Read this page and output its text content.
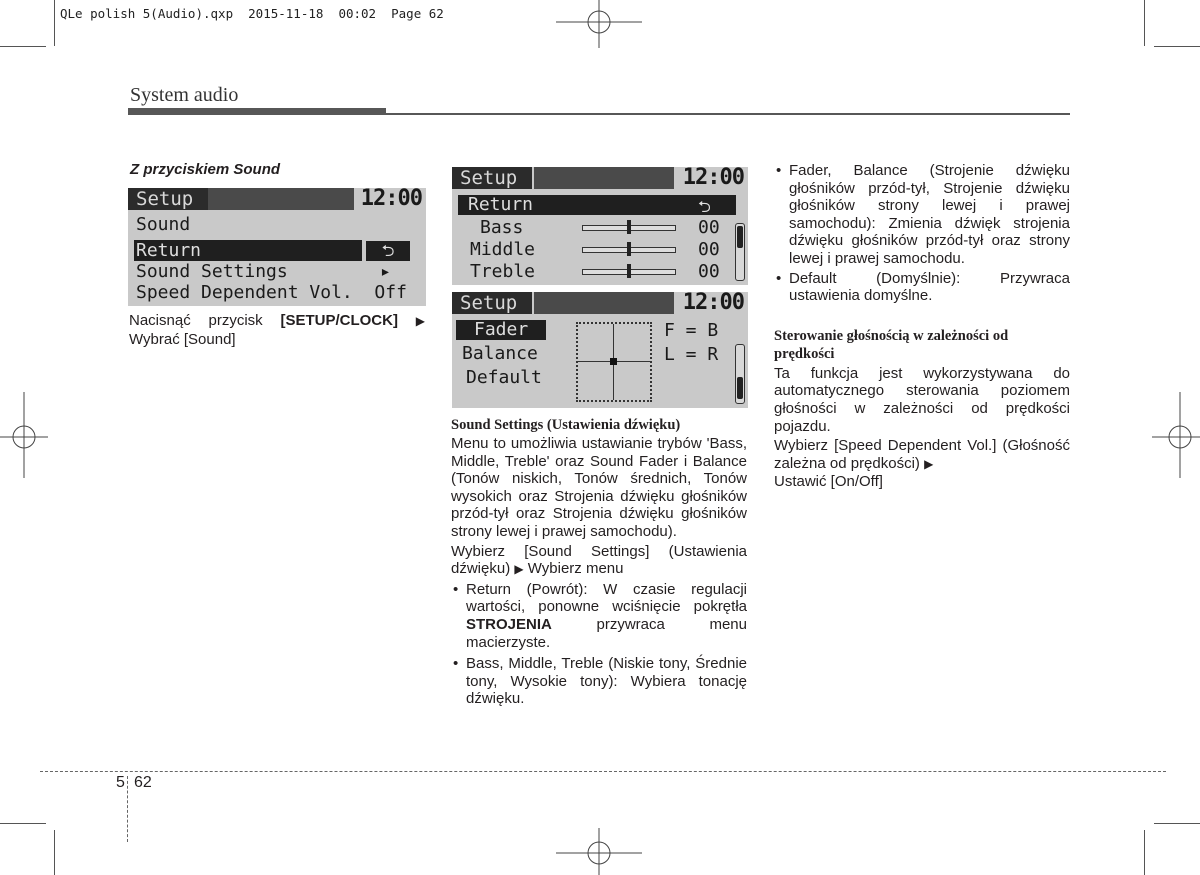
QLe polish 5(Audio).qxp  2015-11-18  00:02  Page 62
System audio
Z przyciskiem Sound
Setup	12:00
Sound
Return	⮌
Sound Settings	▸
Speed Dependent Vol.  Off
Nacisnąć przycisk [SETUP/CLOCK] ▶
Wybrać [Sound]
Setup	12:00
Return	⮌
Bass	00
Middle	00
Treble	00
Setup	12:00
Fader
Balance
Default
F = B
L = R
Sound Settings (Ustawienia dźwięku)
Menu to umożliwia ustawianie trybów 'Bass, Middle, Treble' oraz Sound Fader i Balance (Tonów niskich, Tonów średnich, Tonów wysokich oraz Strojenia dźwięku głośników przód-tył oraz Strojenia dźwięku głośników strony lewej i prawej samochodu).
Wybierz [Sound Settings] (Ustawienia dźwięku) ▶ Wybierz menu
• Return (Powrót): W czasie regulacji wartości, ponowne wciśnięcie pokrętła STROJENIA przywraca menu macierzyste.
• Bass, Middle, Treble (Niskie tony, Średnie tony, Wysokie tony): Wybiera tonację dźwięku.
• Fader, Balance (Strojenie dźwięku głośników przód-tył, Strojenie dźwięku głośników strony lewej i prawej samochodu): Zmienia dźwięk strojenia dźwięku głośników przód-tył oraz strony lewej i prawej samochodu.
• Default (Domyślnie): Przywraca ustawienia domyślne.
Sterowanie głośnością w zależności od prędkości
Ta funkcja jest wykorzystywana do automatycznego sterowania poziomem głośności w zależności od prędkości pojazdu.
Wybierz [Speed Dependent Vol.] (Głośność zależna od prędkości) ▶
Ustawić [On/Off]
5 62
